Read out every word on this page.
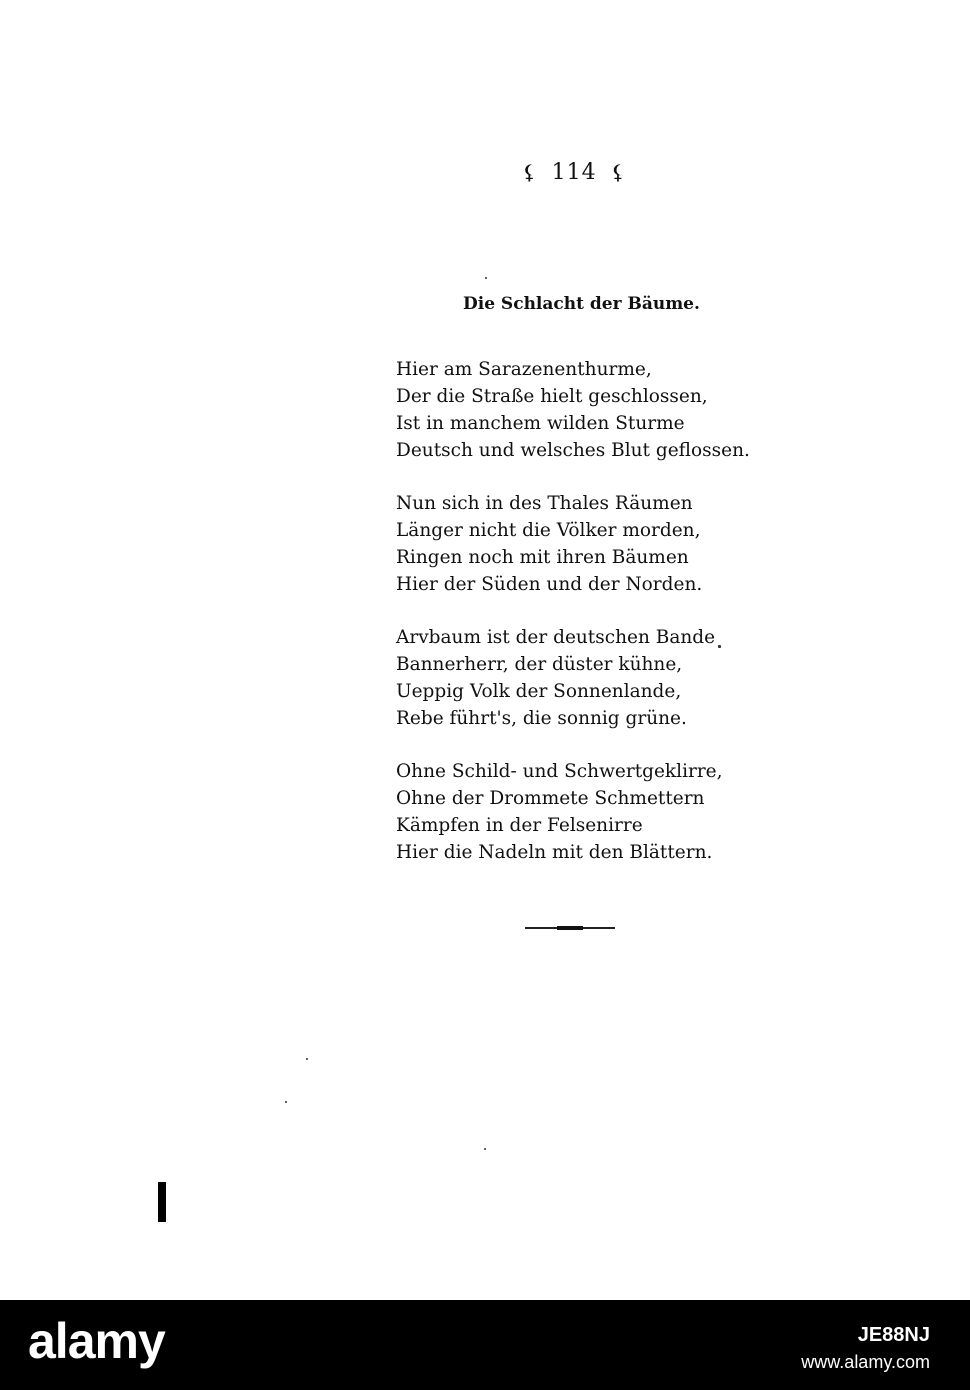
⚸ 114 ⚸
Die Schlacht der Bäume.
Hier am Sarazenenthurme,
Der die Straße hielt geschlossen,
Ist in manchem wilden Sturme
Deutsch und welsches Blut geflossen.
Nun sich in des Thales Räumen
Länger nicht die Völker morden,
Ringen noch mit ihren Bäumen
Hier der Süden und der Norden.
Arvbaum ist der deutschen Bande
Bannerherr, der düster kühne,
Ueppig Volk der Sonnenlande,
Rebe führt's, die sonnig grüne.
Ohne Schild- und Schwertgeklirre,
Ohne der Drommete Schmettern
Kämpfen in der Felsenirre
Hier die Nadeln mit den Blättern.
alamy	JE88NJ
www.alamy.com
